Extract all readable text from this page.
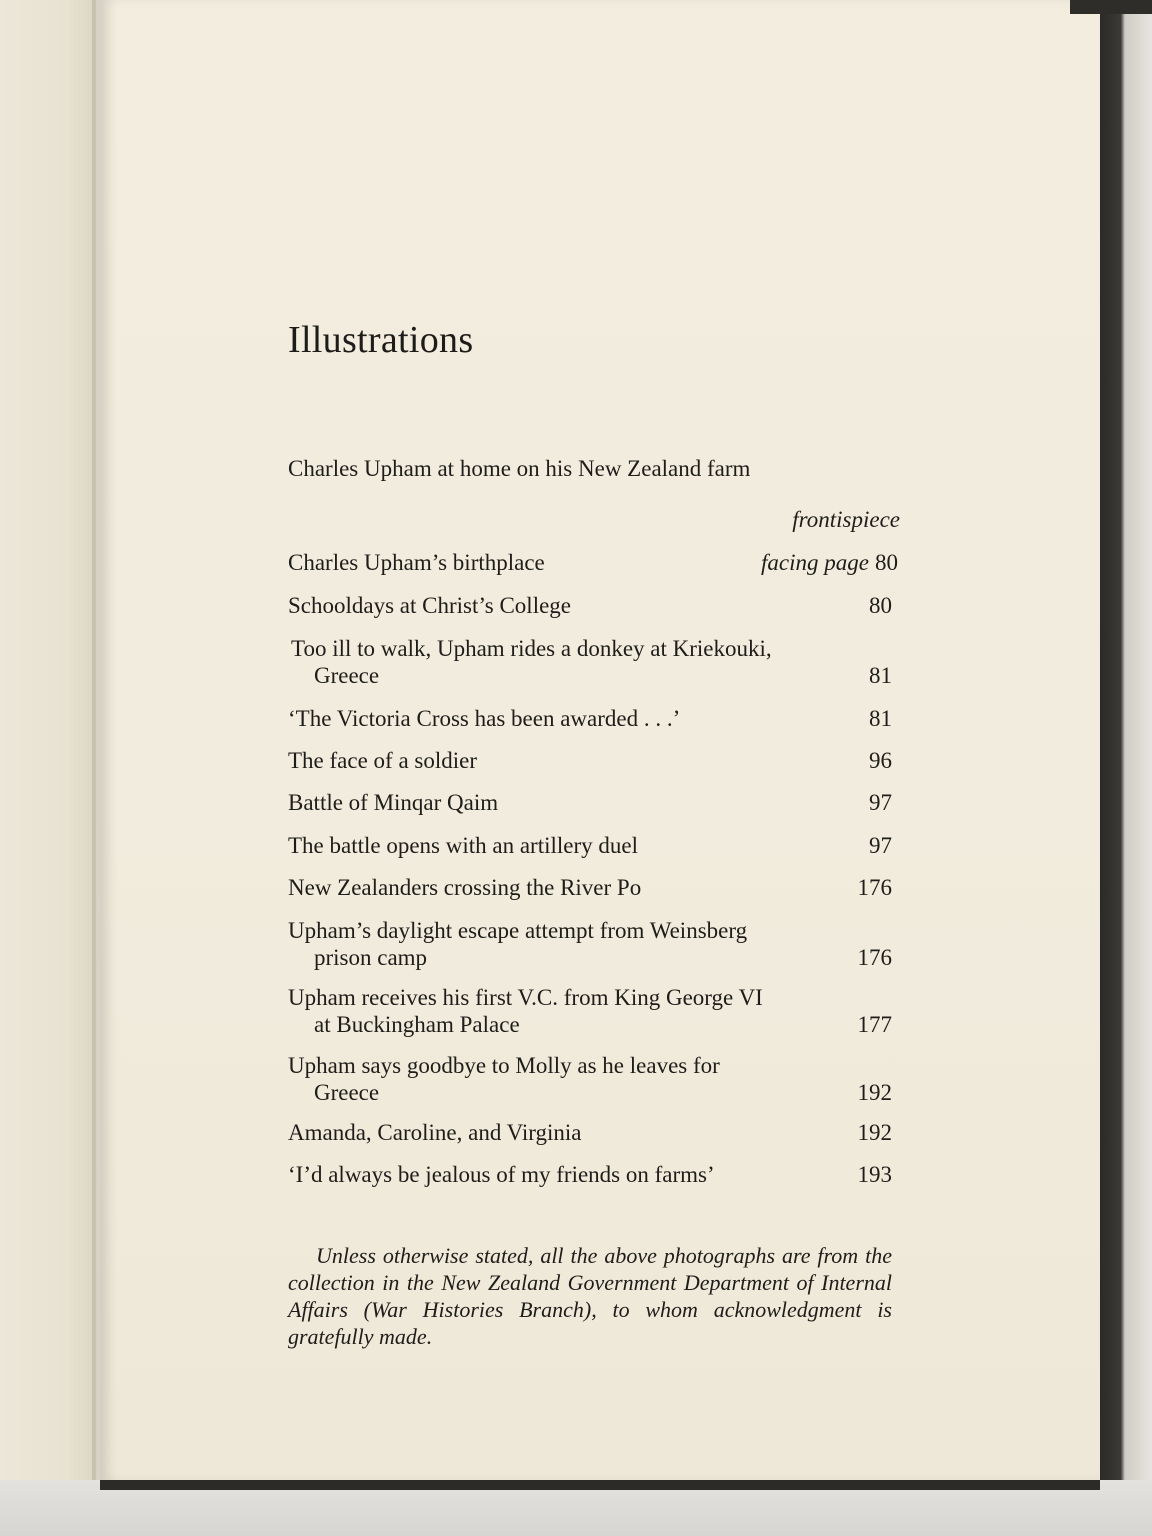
Illustrations
Charles Upham at home on his New Zealand farm
frontispiece
Charles Upham’s birthplace	facing page 80
Schooldays at Christ’s College	80
Too ill to walk, Upham rides a donkey at Kriekouki,
Greece	81
‘The Victoria Cross has been awarded . . .’	81
The face of a soldier	96
Battle of Minqar Qaim	97
The battle opens with an artillery duel	97
New Zealanders crossing the River Po	176
Upham’s daylight escape attempt from Weinsberg
prison camp	176
Upham receives his first V.C. from King George VI
at Buckingham Palace	177
Upham says goodbye to Molly as he leaves for
Greece	192
Amanda, Caroline, and Virginia	192
‘I’d always be jealous of my friends on farms’	193

Unless otherwise stated, all the above photographs are from the collection in the New Zealand Government Department of Internal Affairs (War Histories Branch), to whom acknowledgment is gratefully made.
